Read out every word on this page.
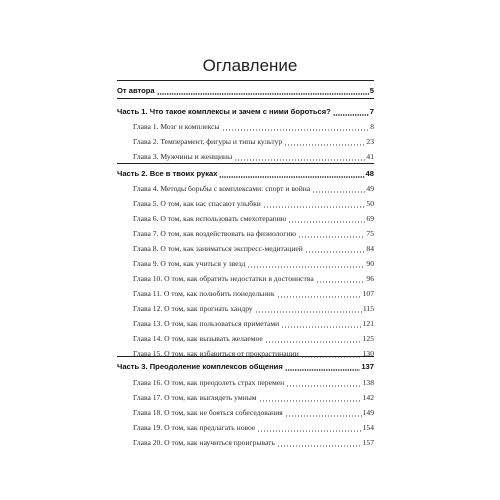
Оглавление
От автора	5
Часть 1. Что такое комплексы и зачем с ними бороться?	7
Глава 1. Мозг и комплексы	8
Глава 2. Темперамент, фигуры и типы культур	23
Глава 3. Мужчины и женщины	41
Часть 2. Все в твоих руках	48
Глава 4. Методы борьбы с комплексами: спорт и война	49
Глава 5. О том, как нас спасают улыбки	50
Глава 6. О том, как использовать смехотерапию	69
Глава 7. О том, как воздействовать на физиологию	75
Глава 8. О том, как заниматься экспресс-медитацией	84
Глава 9. О том, как учиться у звезд	90
Глава 10. О том, как обратить недостатки в достоинства	96
Глава 11. О том, как полюбить понедельник	107
Глава 12. О том, как прогнать хандру	115
Глава 13. О том, как пользоваться приметами	121
Глава 14. О том, как вызывать желаемое	125
Глава 15. О том, как избавиться от прокрастинации	130
Часть 3. Преодоление комплексов общения	137
Глава 16. О том, как преодолеть страх перемен	138
Глава 17. О том, как выглядеть умным	142
Глава 18. О том, как не бояться собеседования	149
Глава 19. О том, как предлагать новое	154
Глава 20. О том, как научиться проигрывать	157
